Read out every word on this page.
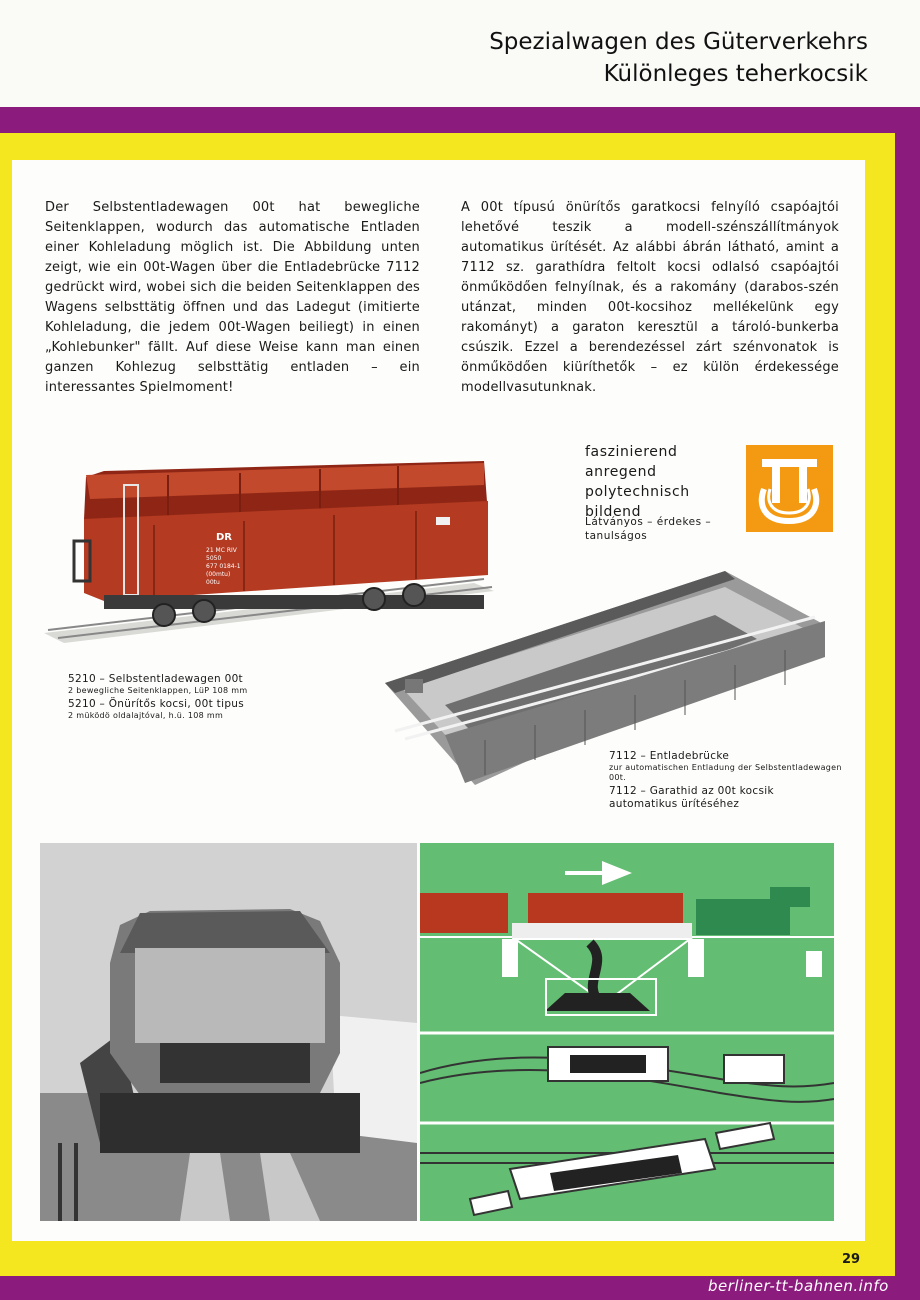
Spezialwagen des Güterverkehrs
Különleges teherkocsik
Der Selbstentladewagen 00t hat bewegliche Seitenklappen, wodurch das automatische Entladen einer Kohleladung möglich ist. Die Abbildung unten zeigt, wie ein 00t-Wagen über die Entladebrücke 7112 gedrückt wird, wobei sich die beiden Seitenklappen des Wagens selbsttätig öffnen und das Ladegut (imitierte Kohleladung, die jedem 00t-Wagen beiliegt) in einen „Kohlebunker" fällt. Auf diese Weise kann man einen ganzen Kohlezug selbsttätig entladen – ein interessantes Spielmoment!
A 00t típusú önürítős garatkocsi felnyíló csapóajtói lehetővé teszik a modell-szénszállítmányok automatikus ürítését. Az alábbi ábrán látható, amint a 7112 sz. garathídra feltolt kocsi odlalsó csapóajtói önműködően felnyílnak, és a rakomány (darabos-szén utánzat, minden 00t-kocsihoz mellékelünk egy rakományt) a garaton keresztül a tároló-bunkerba csúszik. Ezzel a berendezéssel zárt szénvonatok is önműködően kiüríthetők – ez külön érdekessége modellvasutunknak.
faszinierend
anregend
polytechnisch bildend
Látványos – érdekes – tanulságos
DR
21 MC RIV
5050
677 0184-1
(00mtu)
00tu
5210 – Selbstentladewagen 00t
2 bewegliche Seitenklappen, LüP 108 mm
5210 – Önürítős kocsi, 00t tipus
2 müködö oldalajtóval, h.ü. 108 mm
7112 – Entladebrücke
zur automatischen Entladung der Selbstentladewagen 00t.
7112 – Garathid az 00t kocsik
automatikus ürítéséhez
29
berliner-tt-bahnen.info
